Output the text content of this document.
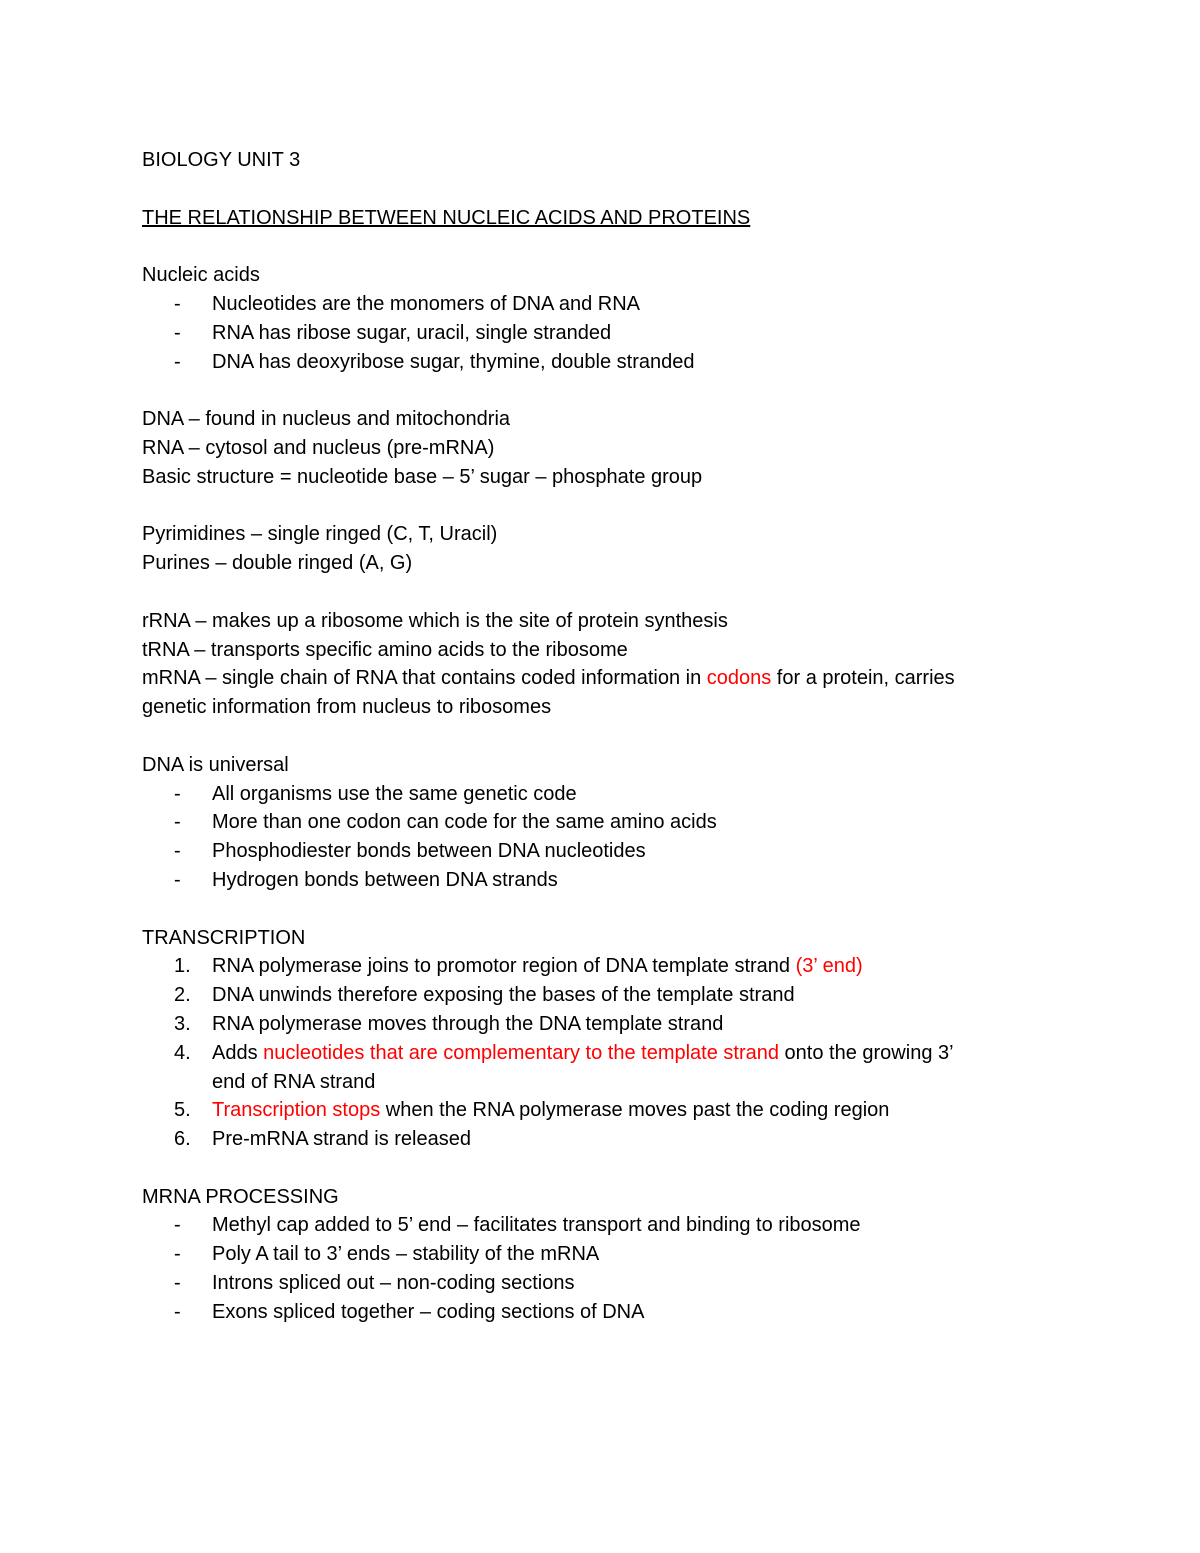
BIOLOGY UNIT 3
THE RELATIONSHIP BETWEEN NUCLEIC ACIDS AND PROTEINS
Nucleic acids
-	Nucleotides are the monomers of DNA and RNA
-	RNA has ribose sugar, uracil, single stranded
-	DNA has deoxyribose sugar, thymine, double stranded
DNA – found in nucleus and mitochondria
RNA – cytosol and nucleus (pre-mRNA)
Basic structure = nucleotide base – 5’ sugar – phosphate group
Pyrimidines – single ringed (C, T, Uracil)
Purines – double ringed (A, G)
rRNA – makes up a ribosome which is the site of protein synthesis
tRNA – transports specific amino acids to the ribosome
mRNA – single chain of RNA that contains coded information in codons for a protein, carries
genetic information from nucleus to ribosomes
DNA is universal
-	All organisms use the same genetic code
-	More than one codon can code for the same amino acids
-	Phosphodiester bonds between DNA nucleotides
-	Hydrogen bonds between DNA strands
TRANSCRIPTION
1.	RNA polymerase joins to promotor region of DNA template strand (3’ end)
2.	DNA unwinds therefore exposing the bases of the template strand
3.	RNA polymerase moves through the DNA template strand
4.	Adds nucleotides that are complementary to the template strand onto the growing 3’
end of RNA strand
5.	Transcription stops when the RNA polymerase moves past the coding region
6.	Pre-mRNA strand is released
MRNA PROCESSING
-	Methyl cap added to 5’ end – facilitates transport and binding to ribosome
-	Poly A tail to 3’ ends – stability of the mRNA
-	Introns spliced out – non-coding sections
-	Exons spliced together – coding sections of DNA
